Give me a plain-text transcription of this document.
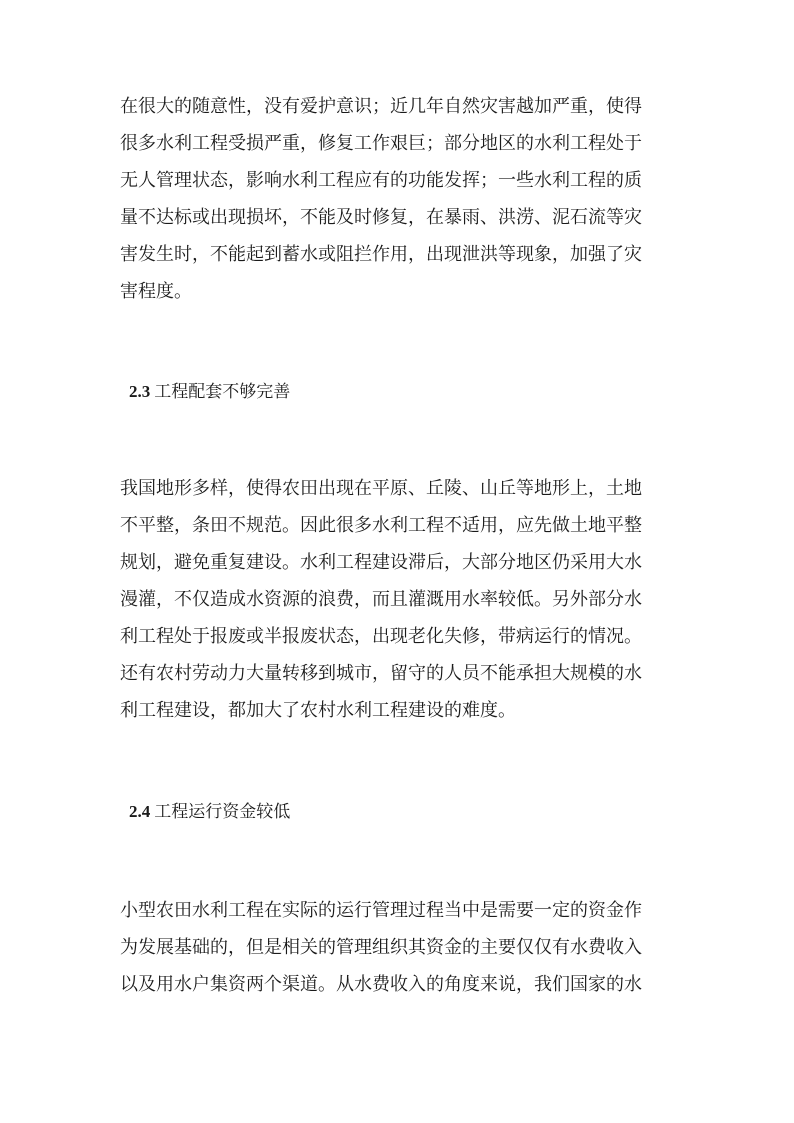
在很大的随意性，没有爱护意识；近几年自然灾害越加严重，使得
很多水利工程受损严重，修复工作艰巨；部分地区的水利工程处于
无人管理状态，影响水利工程应有的功能发挥；一些水利工程的质
量不达标或出现损坏，不能及时修复，在暴雨、洪涝、泥石流等灾
害发生时，不能起到蓄水或阻拦作用，出现泄洪等现象，加强了灾
害程度。
2.3 工程配套不够完善
我国地形多样，使得农田出现在平原、丘陵、山丘等地形上，土地
不平整，条田不规范。因此很多水利工程不适用，应先做土地平整
规划，避免重复建设。水利工程建设滞后，大部分地区仍采用大水
漫灌，不仅造成水资源的浪费，而且灌溉用水率较低。另外部分水
利工程处于报废或半报废状态，出现老化失修，带病运行的情况。
还有农村劳动力大量转移到城市，留守的人员不能承担大规模的水
利工程建设，都加大了农村水利工程建设的难度。
2.4 工程运行资金较低
小型农田水利工程在实际的运行管理过程当中是需要一定的资金作
为发展基础的，但是相关的管理组织其资金的主要仅仅有水费收入
以及用水户集资两个渠道。从水费收入的角度来说，我们国家的水
